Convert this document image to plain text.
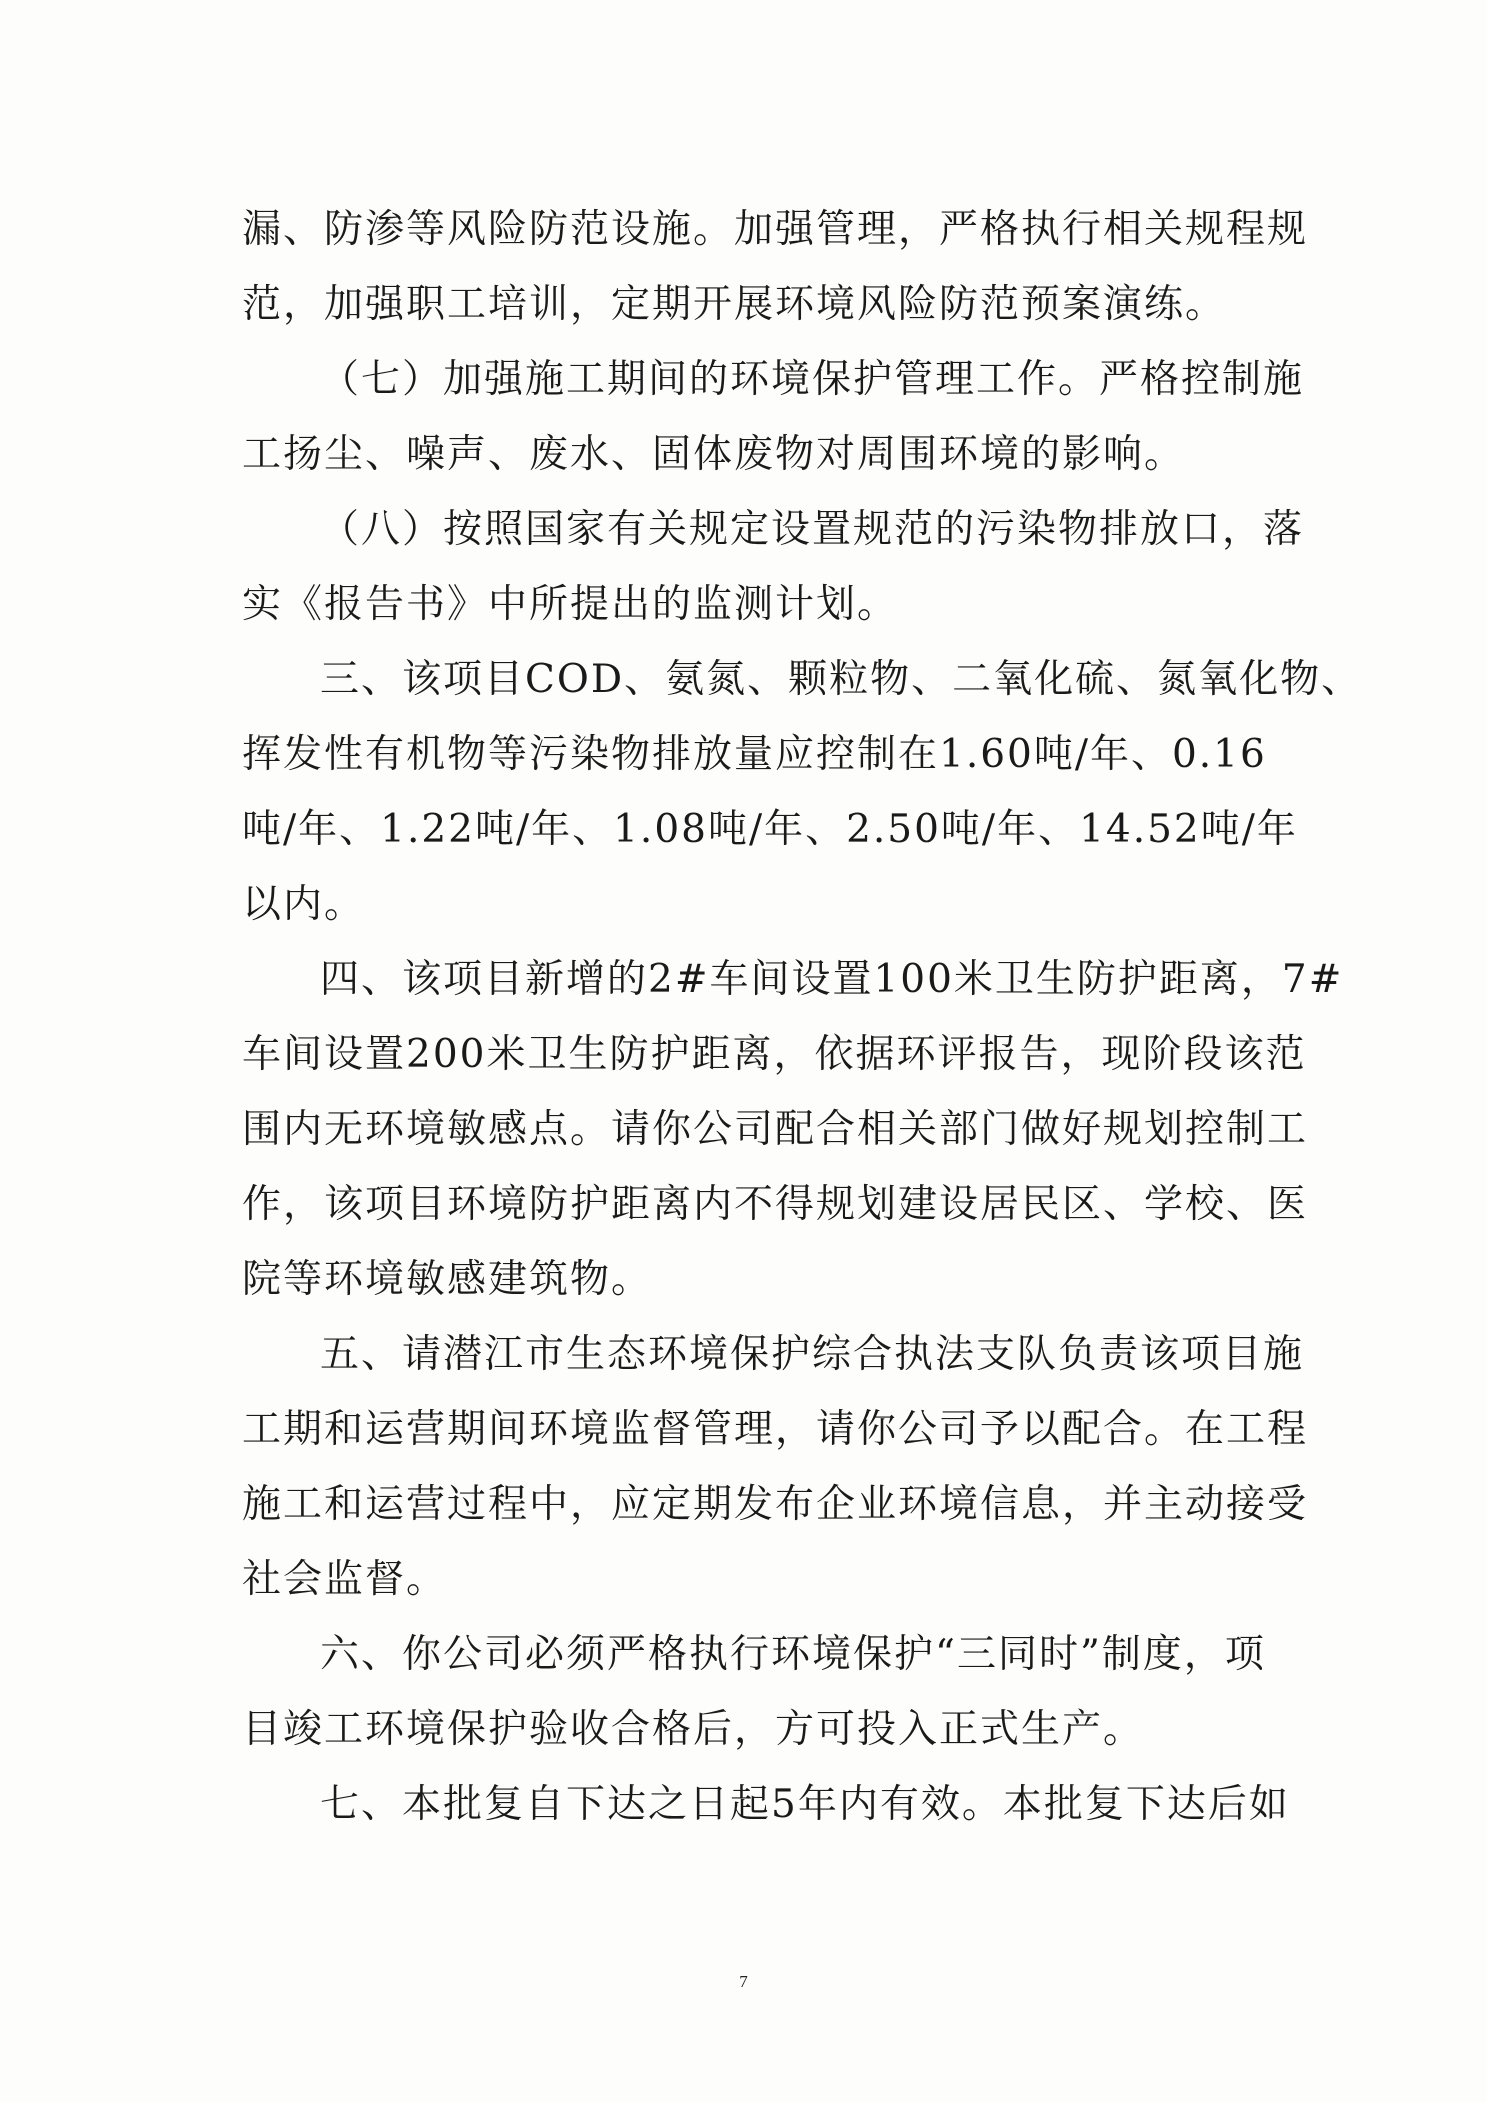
漏、防渗等风险防范设施。加强管理，严格执行相关规程规
范，加强职工培训，定期开展环境风险防范预案演练。
（七）加强施工期间的环境保护管理工作。严格控制施
工扬尘、噪声、废水、固体废物对周围环境的影响。
（八）按照国家有关规定设置规范的污染物排放口，落
实《报告书》中所提出的监测计划。
三、该项目COD、氨氮、颗粒物、二氧化硫、氮氧化物、
挥发性有机物等污染物排放量应控制在1.60吨/年、0.16
吨/年、1.22吨/年、1.08吨/年、2.50吨/年、14.52吨/年
以内。
四、该项目新增的2#车间设置100米卫生防护距离，7#
车间设置200米卫生防护距离，依据环评报告，现阶段该范
围内无环境敏感点。请你公司配合相关部门做好规划控制工
作，该项目环境防护距离内不得规划建设居民区、学校、医
院等环境敏感建筑物。
五、请潜江市生态环境保护综合执法支队负责该项目施
工期和运营期间环境监督管理，请你公司予以配合。在工程
施工和运营过程中，应定期发布企业环境信息，并主动接受
社会监督。
六、你公司必须严格执行环境保护“三同时”制度，项
目竣工环境保护验收合格后，方可投入正式生产。
七、本批复自下达之日起5年内有效。本批复下达后如
7
